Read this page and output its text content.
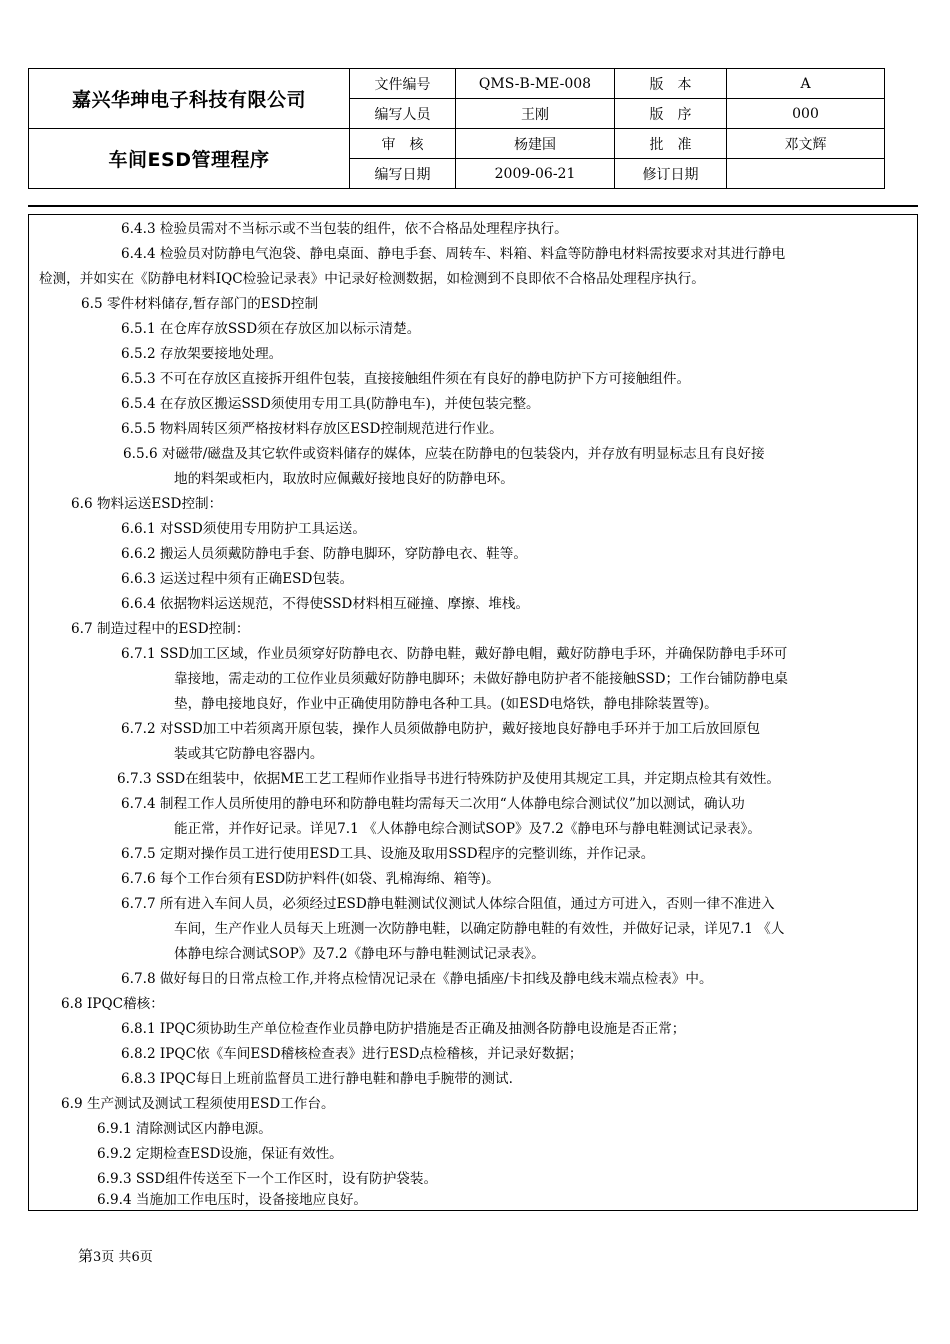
嘉兴华珅电子科技有限公司	文件编号	QMS-B-ME-008	版　本	A
	编写人员	王刚	版　序	000
车间ESD管理程序	审　核	杨建国	批　准	邓文辉
	编写日期	2009-06-21	修订日期	
6.4.3 检验员需对不当标示或不当包装的组件，依不合格品处理程序执行。
6.4.4 检验员对防静电气泡袋、静电桌面、静电手套、周转车、料箱、料盒等防静电材料需按要求对其进行静电
检测，并如实在《防静电材料IQC检验记录表》中记录好检测数据，如检测到不良即依不合格品处理程序执行。
6.5 零件材料储存,暂存部门的ESD控制
6.5.1 在仓库存放SSD须在存放区加以标示清楚。
6.5.2 存放架要接地处理。
6.5.3 不可在存放区直接拆开组件包装，直接接触组件须在有良好的静电防护下方可接触组件。
6.5.4 在存放区搬运SSD须使用专用工具(防静电车)，并使包装完整。
6.5.5 物料周转区须严格按材料存放区ESD控制规范进行作业。
6.5.6 对磁带/磁盘及其它软件或资料储存的媒体，应装在防静电的包装袋内，并存放有明显标志且有良好接
地的料架或柜内，取放时应佩戴好接地良好的防静电环。
6.6 物料运送ESD控制：
6.6.1 对SSD须使用专用防护工具运送。
6.6.2 搬运人员须戴防静电手套、防静电脚环，穿防静电衣、鞋等。
6.6.3 运送过程中须有正确ESD包装。
6.6.4 依据物料运送规范，不得使SSD材料相互碰撞、摩擦、堆栈。
6.7 制造过程中的ESD控制：
6.7.1 SSD加工区域，作业员须穿好防静电衣、防静电鞋，戴好静电帽，戴好防静电手环，并确保防静电手环可
靠接地，需走动的工位作业员须戴好防静电脚环；未做好静电防护者不能接触SSD；工作台铺防静电桌
垫，静电接地良好，作业中正确使用防静电各种工具。(如ESD电烙铁，静电排除装置等)。
6.7.2 对SSD加工中若须离开原包装，操作人员须做静电防护，戴好接地良好静电手环并于加工后放回原包
装或其它防静电容器内。
6.7.3 SSD在组装中，依据ME工艺工程师作业指导书进行特殊防护及使用其规定工具，并定期点检其有效性。
6.7.4 制程工作人员所使用的静电环和防静电鞋均需每天二次用“人体静电综合测试仪”加以测试，确认功
能正常，并作好记录。详见7.1 《人体静电综合测试SOP》及7.2《静电环与静电鞋测试记录表》。
6.7.5 定期对操作员工进行使用ESD工具、设施及取用SSD程序的完整训练，并作记录。
6.7.6 每个工作台须有ESD防护料件(如袋、乳棉海绵、箱等)。
6.7.7 所有进入车间人员，必须经过ESD静电鞋测试仪测试人体综合阻值，通过方可进入，否则一律不准进入
车间，生产作业人员每天上班测一次防静电鞋，以确定防静电鞋的有效性，并做好记录，详见7.1 《人
体静电综合测试SOP》及7.2《静电环与静电鞋测试记录表》。
6.7.8 做好每日的日常点检工作,并将点检情况记录在《静电插座/卡扣线及静电线末端点检表》中。
6.8 IPQC稽核：
6.8.1 IPQC须协助生产单位检查作业员静电防护措施是否正确及抽测各防静电设施是否正常；
6.8.2 IPQC依《车间ESD稽核检查表》进行ESD点检稽核，并记录好数据；
6.8.3 IPQC每日上班前监督员工进行静电鞋和静电手腕带的测试.
6.9 生产测试及测试工程须使用ESD工作台。
6.9.1 清除测试区内静电源。
6.9.2 定期检查ESD设施，保证有效性。
6.9.3 SSD组件传送至下一个工作区时，设有防护袋装。
6.9.4 当施加工作电压时，设备接地应良好。
第3页 共6页
